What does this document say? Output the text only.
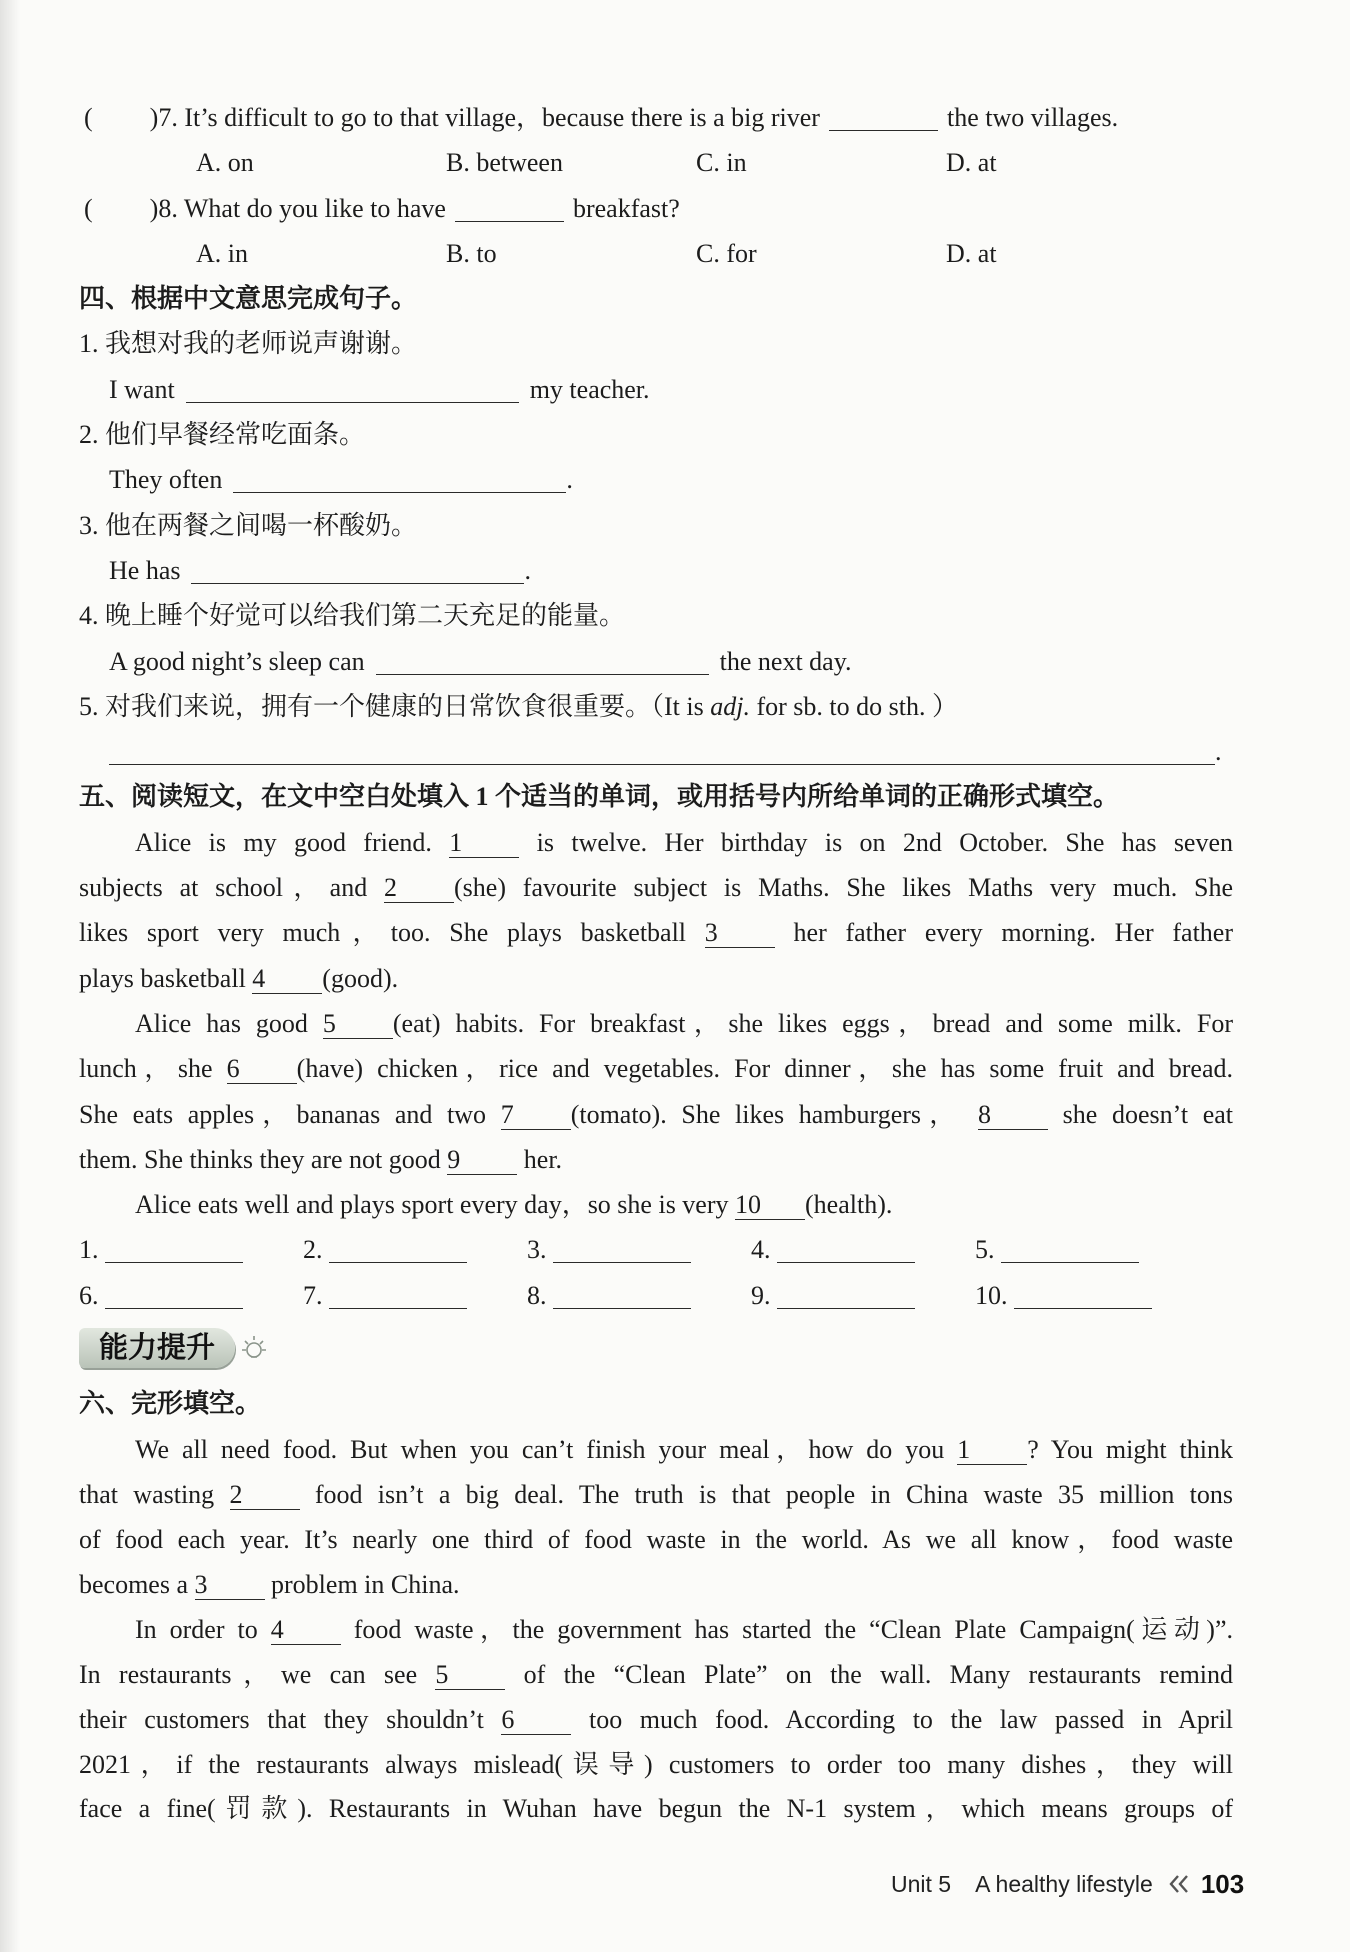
( )7. It’s difficult to go to that village，because there is a big river	the two villages.
A. on	B. between	C. in	D. at
( )8. What do you like to have	breakfast?
A. in	B. to	C. for	D. at
四、根据中文意思完成句子。
1. 我想对我的老师说声谢谢。
I want	my teacher.
2. 他们早餐经常吃面条。
They often	.
3. 他在两餐之间喝一杯酸奶。
He has	.
4. 晚上睡个好觉可以给我们第二天充足的能量。
A good night’s sleep can	the next day.
5. 对我们来说，拥有一个健康的日常饮食很重要。（It is adj. for sb. to do sth. ）
.
五、阅读短文，在文中空白处填入 1 个适当的单词，或用括号内所给单词的正确形式填空。
Alice is my good friend. 1	is twelve. Her birthday is on 2nd October. She has seven
subjects at school，and 2 (she) favourite subject is Maths. She likes Maths very much. She
likes sport very much，too. She plays basketball 3	her father every morning. Her father
plays basketball 4 (good).
Alice has good 5 (eat) habits. For breakfast，she likes eggs，bread and some milk. For
lunch，she 6 (have) chicken，rice and vegetables. For dinner，she has some fruit and bread.
She eats apples，bananas and two 7 (tomato). She likes hamburgers， 8	she doesn’t eat
them. She thinks they are not good 9 her.
Alice eats well and plays sport every day，so she is very 10 (health).
1.	2.	3.	4.	5.
6.	7.	8.	9.	10.
能力提升
六、完形填空。
We all need food. But when you can’t finish your meal，how do you 1 ? You might think
that wasting 2	food isn’t a big deal. The truth is that people in China waste 35 million tons
of food each year. It’s nearly one third of food waste in the world. As we all know，food waste
becomes a 3 problem in China.
In order to 4	food waste，the government has started the “Clean Plate Campaign(运动)”.
In restaurants，we can see 5	of the “Clean Plate” on the wall. Many restaurants remind
their customers that they shouldn’t 6	too much food. According to the law passed in April
2021，if the restaurants always mislead(误导) customers to order too many dishes，they will
face a fine(罚款). Restaurants in Wuhan have begun the N-1 system，which means groups of
Unit 5 A healthy lifestyle 103
